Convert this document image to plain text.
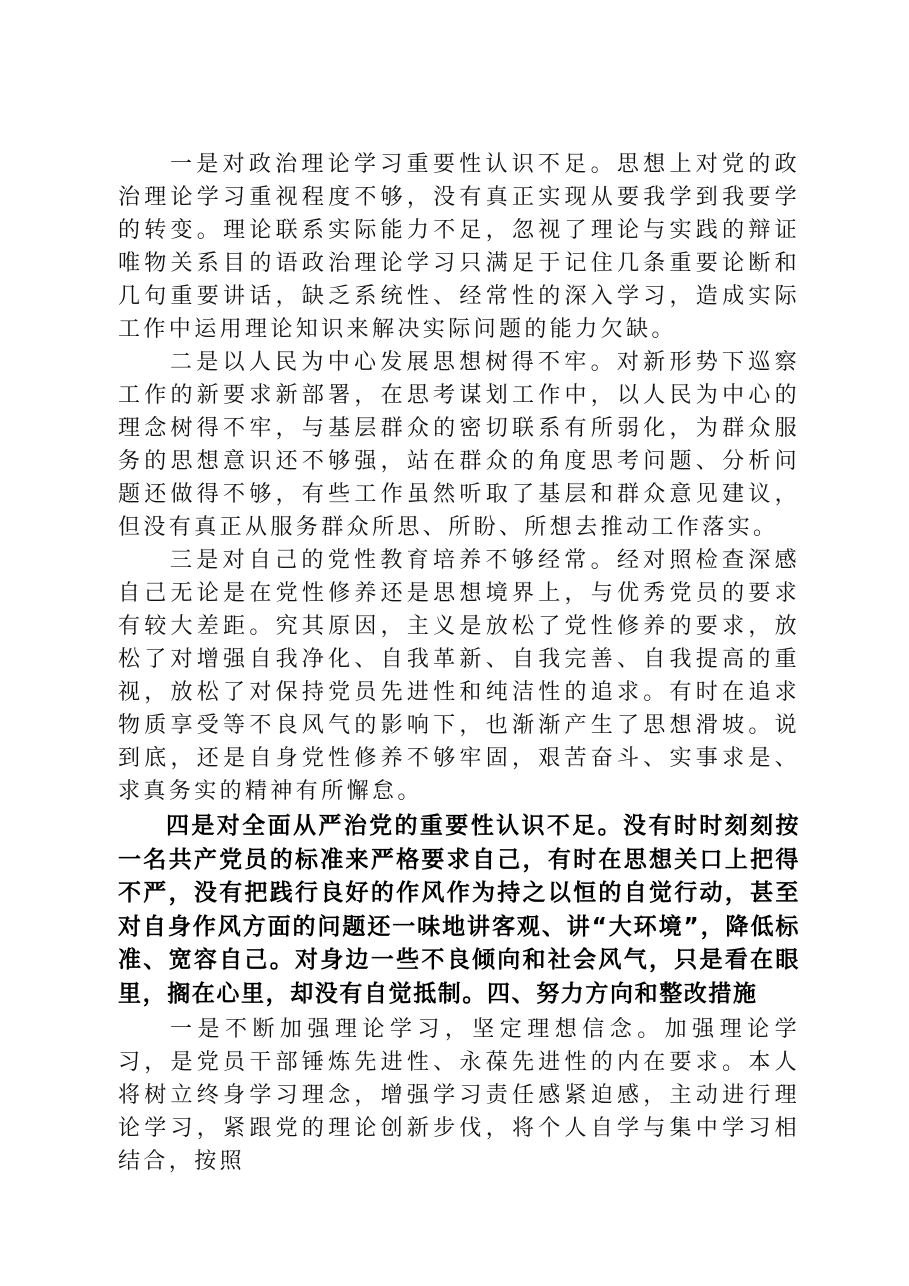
一是对政治理论学习重要性认识不足。思想上对党的政治理论学习重视程度不够，没有真正实现从要我学到我要学的转变。理论联系实际能力不足，忽视了理论与实践的辩证唯物关系目的语政治理论学习只满足于记住几条重要论断和几句重要讲话，缺乏系统性、经常性的深入学习，造成实际工作中运用理论知识来解决实际问题的能力欠缺。

二是以人民为中心发展思想树得不牢。对新形势下巡察工作的新要求新部署，在思考谋划工作中，以人民为中心的理念树得不牢，与基层群众的密切联系有所弱化，为群众服务的思想意识还不够强，站在群众的角度思考问题、分析问题还做得不够，有些工作虽然听取了基层和群众意见建议，但没有真正从服务群众所思、所盼、所想去推动工作落实。

三是对自己的党性教育培养不够经常。经对照检查深感自己无论是在党性修养还是思想境界上，与优秀党员的要求有较大差距。究其原因，主义是放松了党性修养的要求，放松了对增强自我净化、自我革新、自我完善、自我提高的重视，放松了对保持党员先进性和纯洁性的追求。有时在追求物质享受等不良风气的影响下，也渐渐产生了思想滑坡。说到底，还是自身党性修养不够牢固，艰苦奋斗、实事求是、求真务实的精神有所懈怠。

四是对全面从严治党的重要性认识不足。没有时时刻刻按一名共产党员的标准来严格要求自己，有时在思想关口上把得不严，没有把践行良好的作风作为持之以恒的自觉行动，甚至对自身作风方面的问题还一味地讲客观、讲“大环境”，降低标准、宽容自己。对身边一些不良倾向和社会风气，只是看在眼里，搁在心里，却没有自觉抵制。四、努力方向和整改措施

一是不断加强理论学习，坚定理想信念。加强理论学习，是党员干部锤炼先进性、永葆先进性的内在要求。本人将树立终身学习理念，增强学习责任感紧迫感，主动进行理论学习，紧跟党的理论创新步伐，将个人自学与集中学习相结合，按照
